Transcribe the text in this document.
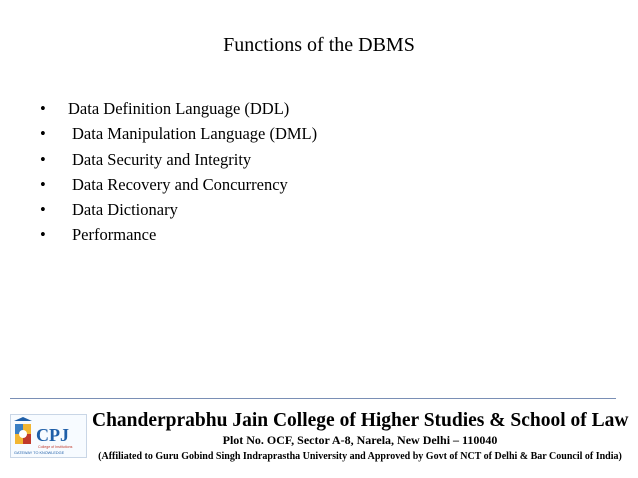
Functions of the DBMS
•	Data Definition Language (DDL)
•	Data Manipulation Language (DML)
•	Data Security and Integrity
•	Data Recovery and Concurrency
•	Data Dictionary
•	Performance
CPJ
College of Institutions
GATEWAY TO KNOWLEDGE
Chanderprabhu Jain College of Higher Studies & School of Law
Plot No. OCF, Sector A-8, Narela, New Delhi – 110040
(Affiliated to Guru Gobind Singh Indraprastha University and Approved by Govt of NCT of Delhi & Bar Council of India)
